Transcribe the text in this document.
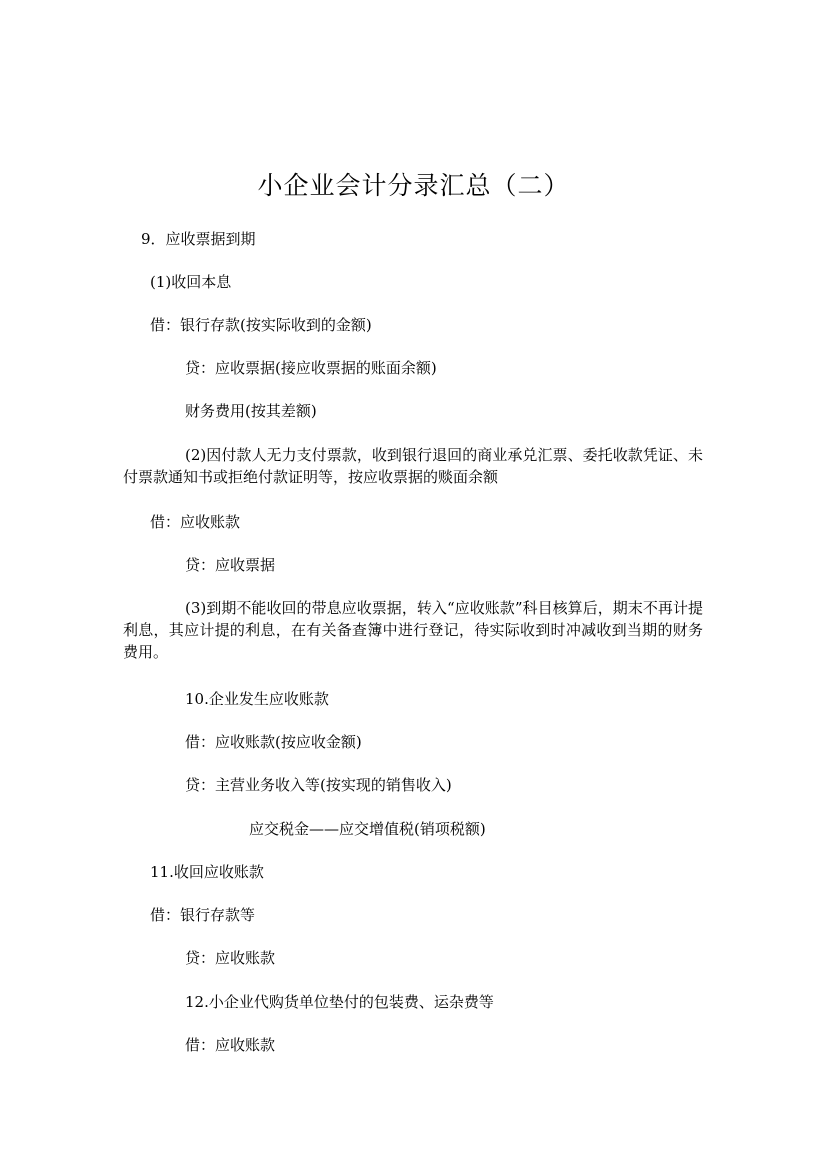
小企业会计分录汇总（二）
9．应收票据到期
(1)收回本息
借：银行存款(按实际收到的金额)
贷：应收票据(接应收票据的账面余额)
财务费用(按其差额)
(2)因付款人无力支付票款，收到银行退回的商业承兑汇票、委托收款凭证、未付票款通知书或拒绝付款证明等，按应收票据的赕面余额
借：应收账款
贷：应收票据
(3)到期不能收回的带息应收票据，转入“应收账款”科目核算后，期末不再计提利息，其应计提的利息，在有关备查簿中进行登记，待实际收到时冲减收到当期的财务费用。
10.企业发生应收账款
借：应收账款(按应收金额)
贷：主营业务收入等(按实现的销售收入)
应交税金——应交增值税(销项税额)
11.收回应收账款
借：银行存款等
贷：应收账款
12.小企业代购货单位垫付的包装费、运杂费等
借：应收账款
